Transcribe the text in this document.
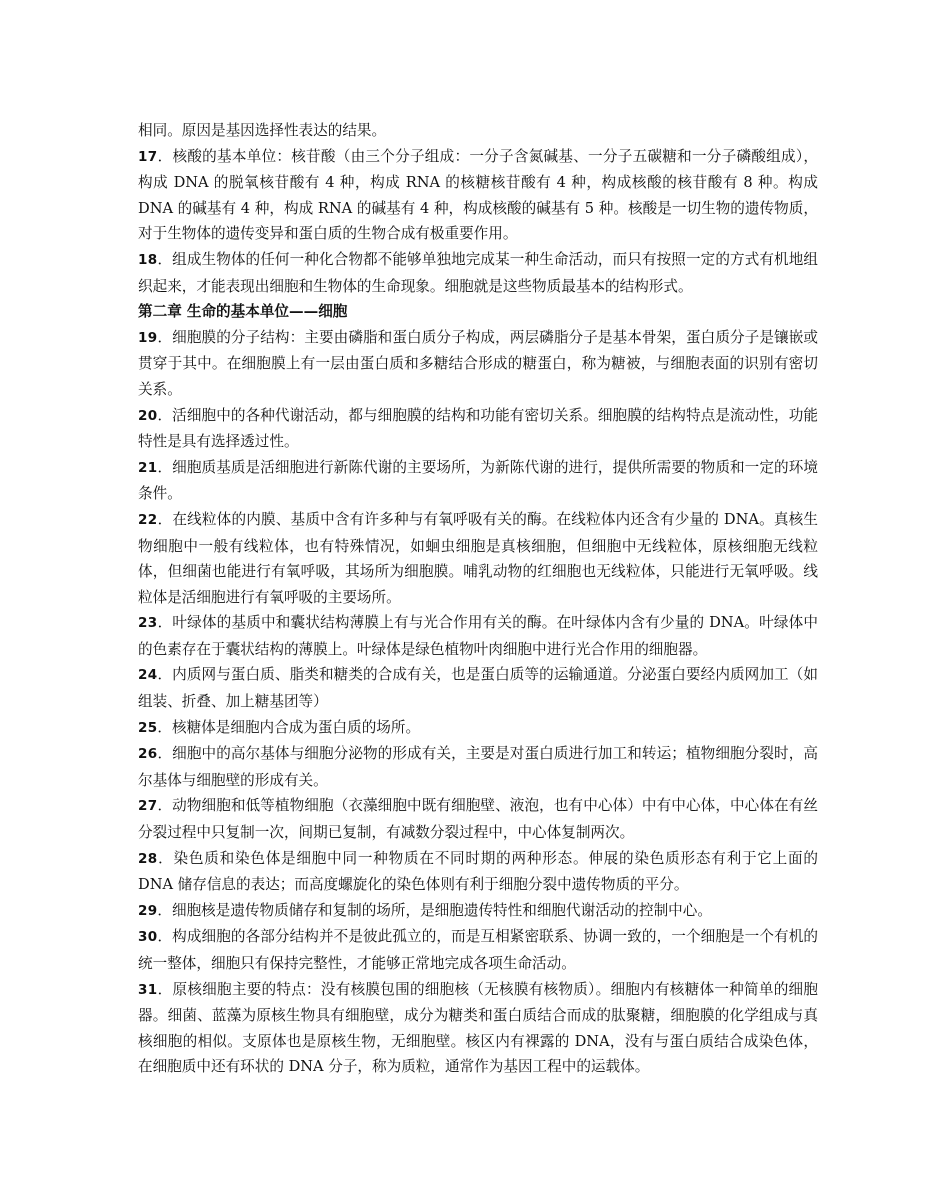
相同。原因是基因选择性表达的结果。

17．核酸的基本单位：核苷酸（由三个分子组成：一分子含氮碱基、一分子五碳糖和一分子磷酸组成），构成 DNA 的脱氧核苷酸有 4 种，构成 RNA 的核糖核苷酸有 4 种，构成核酸的核苷酸有 8 种。构成 DNA 的碱基有 4 种，构成 RNA 的碱基有 4 种，构成核酸的碱基有 5 种。核酸是一切生物的遗传物质，对于生物体的遗传变异和蛋白质的生物合成有极重要作用。

18．组成生物体的任何一种化合物都不能够单独地完成某一种生命活动，而只有按照一定的方式有机地组织起来，才能表现出细胞和生物体的生命现象。细胞就是这些物质最基本的结构形式。

第二章 生命的基本单位——细胞

19．细胞膜的分子结构：主要由磷脂和蛋白质分子构成，两层磷脂分子是基本骨架，蛋白质分子是镶嵌或贯穿于其中。在细胞膜上有一层由蛋白质和多糖结合形成的糖蛋白，称为糖被，与细胞表面的识别有密切关系。

20．活细胞中的各种代谢活动，都与细胞膜的结构和功能有密切关系。细胞膜的结构特点是流动性，功能特性是具有选择透过性。

21．细胞质基质是活细胞进行新陈代谢的主要场所，为新陈代谢的进行，提供所需要的物质和一定的环境条件。

22．在线粒体的内膜、基质中含有许多种与有氧呼吸有关的酶。在线粒体内还含有少量的 DNA。真核生物细胞中一般有线粒体，也有特殊情况，如蛔虫细胞是真核细胞，但细胞中无线粒体，原核细胞无线粒体，但细菌也能进行有氧呼吸，其场所为细胞膜。哺乳动物的红细胞也无线粒体，只能进行无氧呼吸。线粒体是活细胞进行有氧呼吸的主要场所。

23．叶绿体的基质中和囊状结构薄膜上有与光合作用有关的酶。在叶绿体内含有少量的 DNA。叶绿体中的色素存在于囊状结构的薄膜上。叶绿体是绿色植物叶肉细胞中进行光合作用的细胞器。

24．内质网与蛋白质、脂类和糖类的合成有关，也是蛋白质等的运输通道。分泌蛋白要经内质网加工（如组装、折叠、加上糖基团等）

25．核糖体是细胞内合成为蛋白质的场所。

26．细胞中的高尔基体与细胞分泌物的形成有关，主要是对蛋白质进行加工和转运；植物细胞分裂时，高尔基体与细胞壁的形成有关。

27．动物细胞和低等植物细胞（衣藻细胞中既有细胞壁、液泡，也有中心体）中有中心体，中心体在有丝分裂过程中只复制一次，间期已复制，有减数分裂过程中，中心体复制两次。

28．染色质和染色体是细胞中同一种物质在不同时期的两种形态。伸展的染色质形态有利于它上面的 DNA 储存信息的表达；而高度螺旋化的染色体则有利于细胞分裂中遗传物质的平分。

29．细胞核是遗传物质储存和复制的场所，是细胞遗传特性和细胞代谢活动的控制中心。

30．构成细胞的各部分结构并不是彼此孤立的，而是互相紧密联系、协调一致的，一个细胞是一个有机的统一整体，细胞只有保持完整性，才能够正常地完成各项生命活动。

31．原核细胞主要的特点：没有核膜包围的细胞核（无核膜有核物质）。细胞内有核糖体一种简单的细胞器。细菌、蓝藻为原核生物具有细胞壁，成分为糖类和蛋白质结合而成的肽聚糖，细胞膜的化学组成与真核细胞的相似。支原体也是原核生物，无细胞壁。核区内有裸露的 DNA，没有与蛋白质结合成染色体，在细胞质中还有环状的 DNA 分子，称为质粒，通常作为基因工程中的运载体。
